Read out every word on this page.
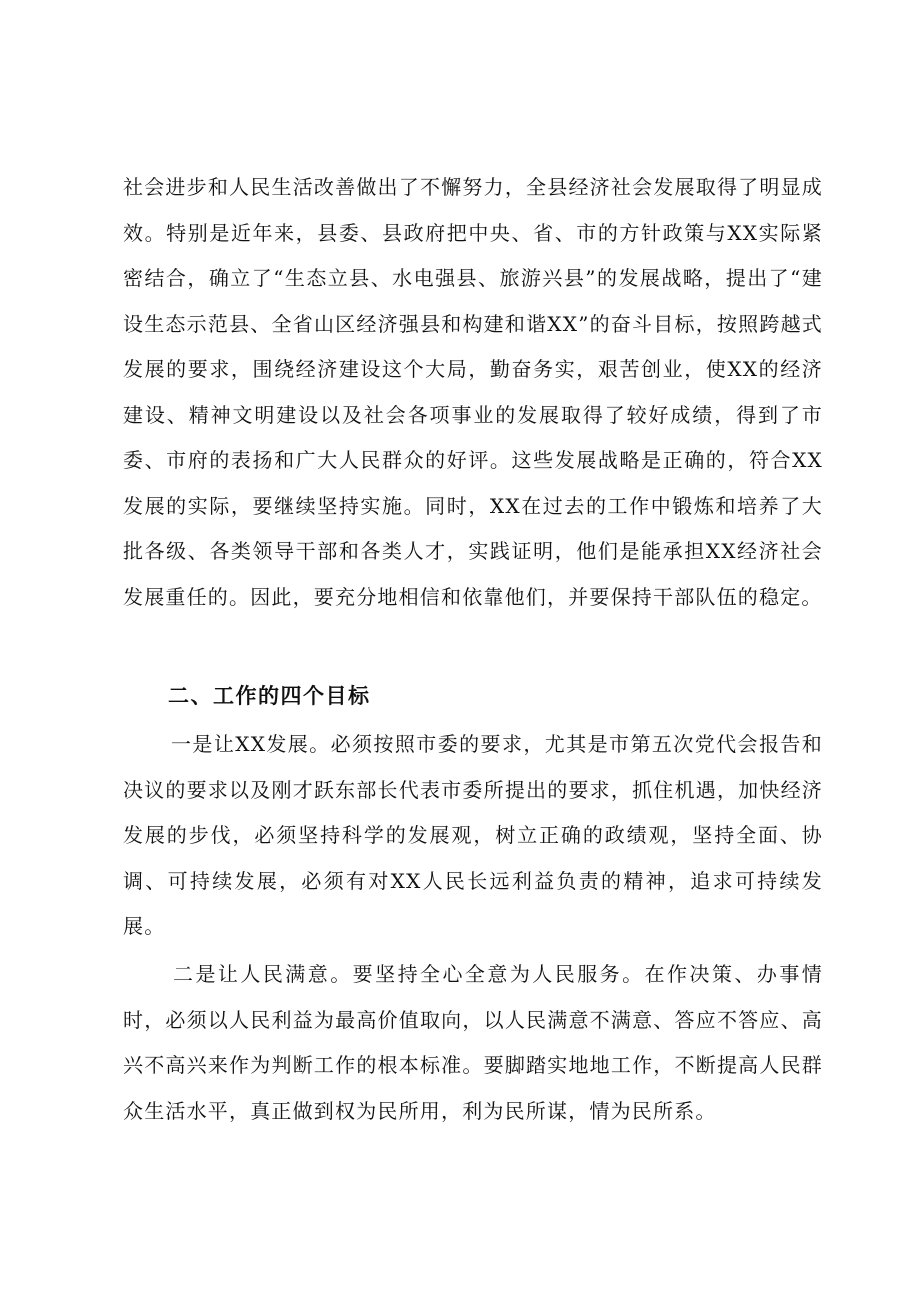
社会进步和人民生活改善做出了不懈努力，全县经济社会发展取得了明显成效。特别是近年来，县委、县政府把中央、省、市的方针政策与XX实际紧密结合，确立了“生态立县、水电强县、旅游兴县”的发展战略，提出了“建设生态示范县、全省山区经济强县和构建和谐XX”的奋斗目标，按照跨越式发展的要求，围绕经济建设这个大局，勤奋务实，艰苦创业，使XX的经济建设、精神文明建设以及社会各项事业的发展取得了较好成绩，得到了市委、市府的表扬和广大人民群众的好评。这些发展战略是正确的，符合XX发展的实际，要继续坚持实施。同时，XX在过去的工作中锻炼和培养了大批各级、各类领导干部和各类人才，实践证明，他们是能承担XX经济社会发展重任的。因此，要充分地相信和依靠他们，并要保持干部队伍的稳定。

二、工作的四个目标

一是让XX发展。必须按照市委的要求，尤其是市第五次党代会报告和决议的要求以及刚才跃东部长代表市委所提出的要求，抓住机遇，加快经济发展的步伐，必须坚持科学的发展观，树立正确的政绩观，坚持全面、协调、可持续发展，必须有对XX人民长远利益负责的精神，追求可持续发展。

二是让人民满意。要坚持全心全意为人民服务。在作决策、办事情时，必须以人民利益为最高价值取向，以人民满意不满意、答应不答应、高兴不高兴来作为判断工作的根本标准。要脚踏实地地工作，不断提高人民群众生活水平，真正做到权为民所用，利为民所谋，情为民所系。
